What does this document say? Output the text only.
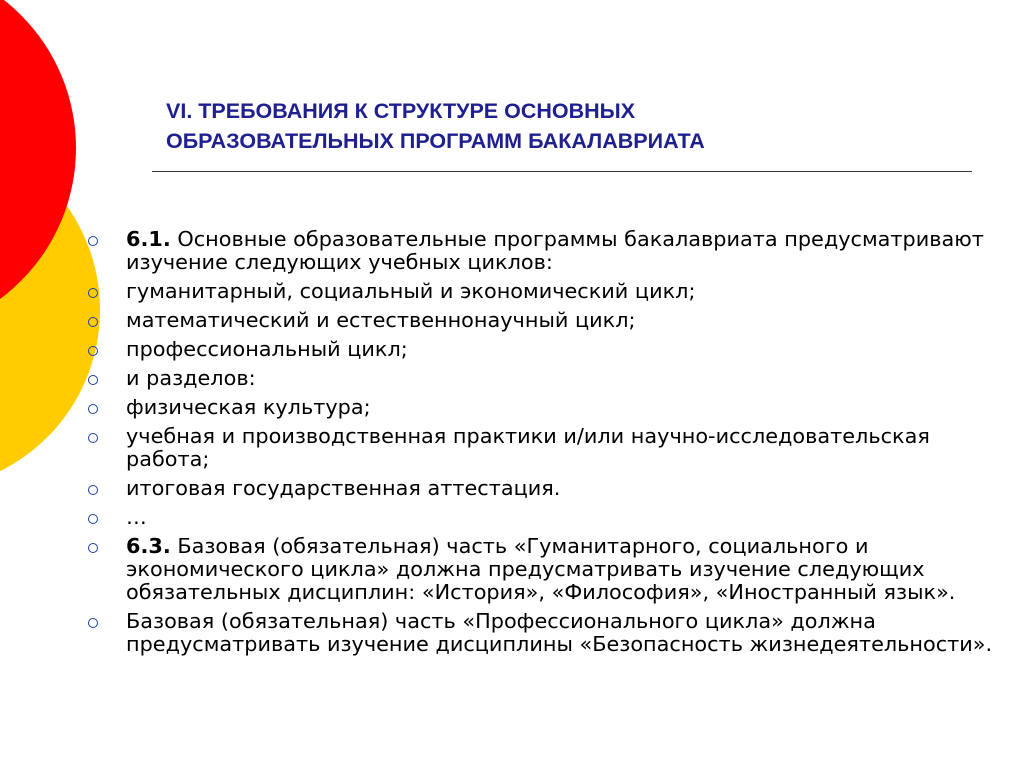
VI. ТРЕБОВАНИЯ К СТРУКТУРЕ ОСНОВНЫХ
ОБРАЗОВАТЕЛЬНЫХ ПРОГРАММ БАКАЛАВРИАТА
6.1. Основные образовательные программы бакалавриата предусматривают изучение следующих учебных циклов:
гуманитарный, социальный и экономический цикл;
математический и естественнонаучный цикл;
профессиональный цикл;
и разделов:
физическая культура;
учебная и производственная практики и/или научно-исследовательская работа;
итоговая государственная аттестация.
…
6.3. Базовая (обязательная) часть «Гуманитарного, социального и экономического цикла» должна предусматривать изучение следующих обязательных дисциплин: «История», «Философия», «Иностранный язык».
Базовая (обязательная) часть «Профессионального цикла» должна предусматривать изучение дисциплины «Безопасность жизнедеятельности».
